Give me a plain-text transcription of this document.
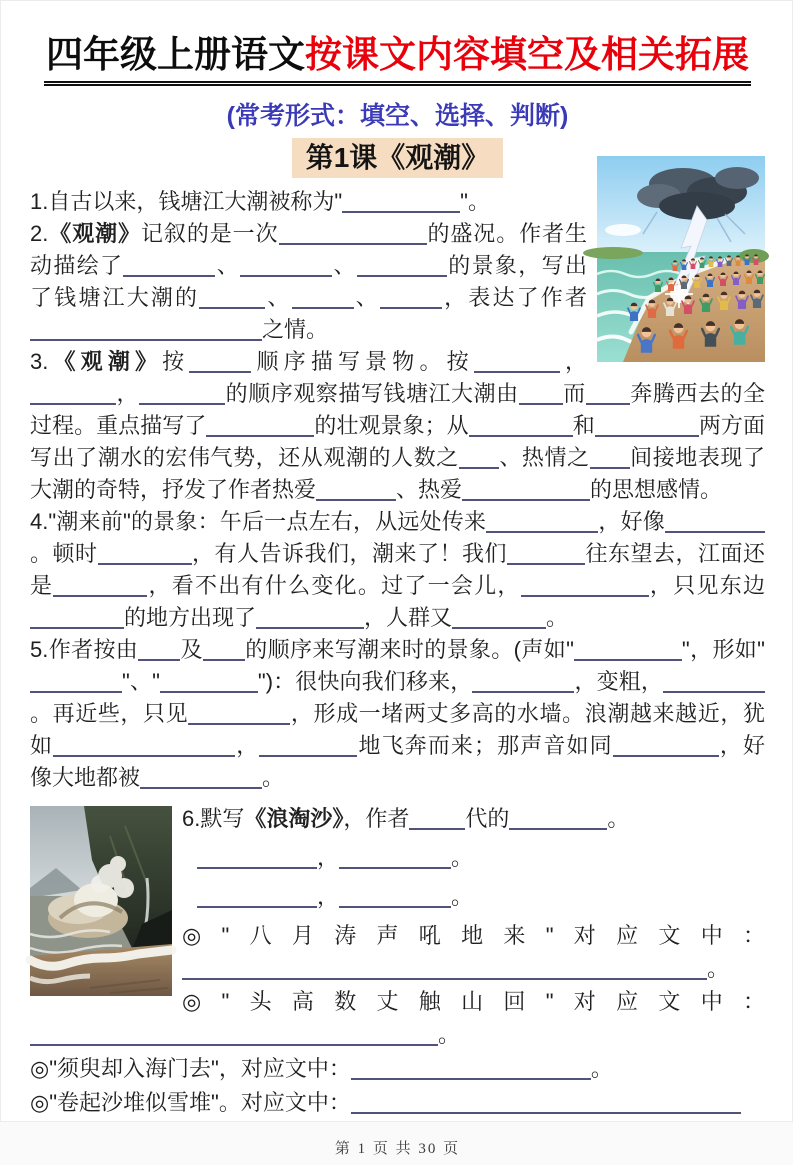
四年级上册语文按课文内容填空及相关拓展
(常考形式：填空、选择、判断)
第1课《观潮》

1.自古以来，钱塘江大潮被称为"	"。

2.《观潮》记叙的是一次	的盛况。作者生动描绘了	、	、	的景象，写出了钱塘江大潮的	、	、	，表达了作者之情。

3.《观潮》按	顺序描写景物。按	，，	的顺序观察描写钱塘江大潮由 而 奔腾西去的全过程。重点描写了	的壮观景象；从	和	两方面写出了潮水的宏伟气势，还从观潮的人数之 、热情之 间接地表现了大潮的奇特，抒发了作者热爱	、热爱	的思想感情。

4."潮来前"的景象：午后一点左右，从远处传来	，好像。顿时	，有人告诉我们，潮来了！我们	往东望去，江面还是	，看不出有什么变化。过了一会儿，	，只见东边的地方出现了	，人群又	。

5.作者按由 及 的顺序来写潮来时的景象。(声如"	"，形如""、"	")：很快向我们移来，	，变粗，。再近些，只见	，形成一堵两丈多高的水墙。浪潮越来越近，犹如	，	地飞奔而来；那声音如同	，好像大地都被	。

6.默写《浪淘沙》，作者	代的	。

，	。

，	。

◎"八月涛声吼地来"对应文中：。

◎"头高数丈触山回"对应文中：。

◎"须臾却入海门去"，对应文中：	。

◎"卷起沙堆似雪堆"。对应文中：

第 1 页 共 30 页
